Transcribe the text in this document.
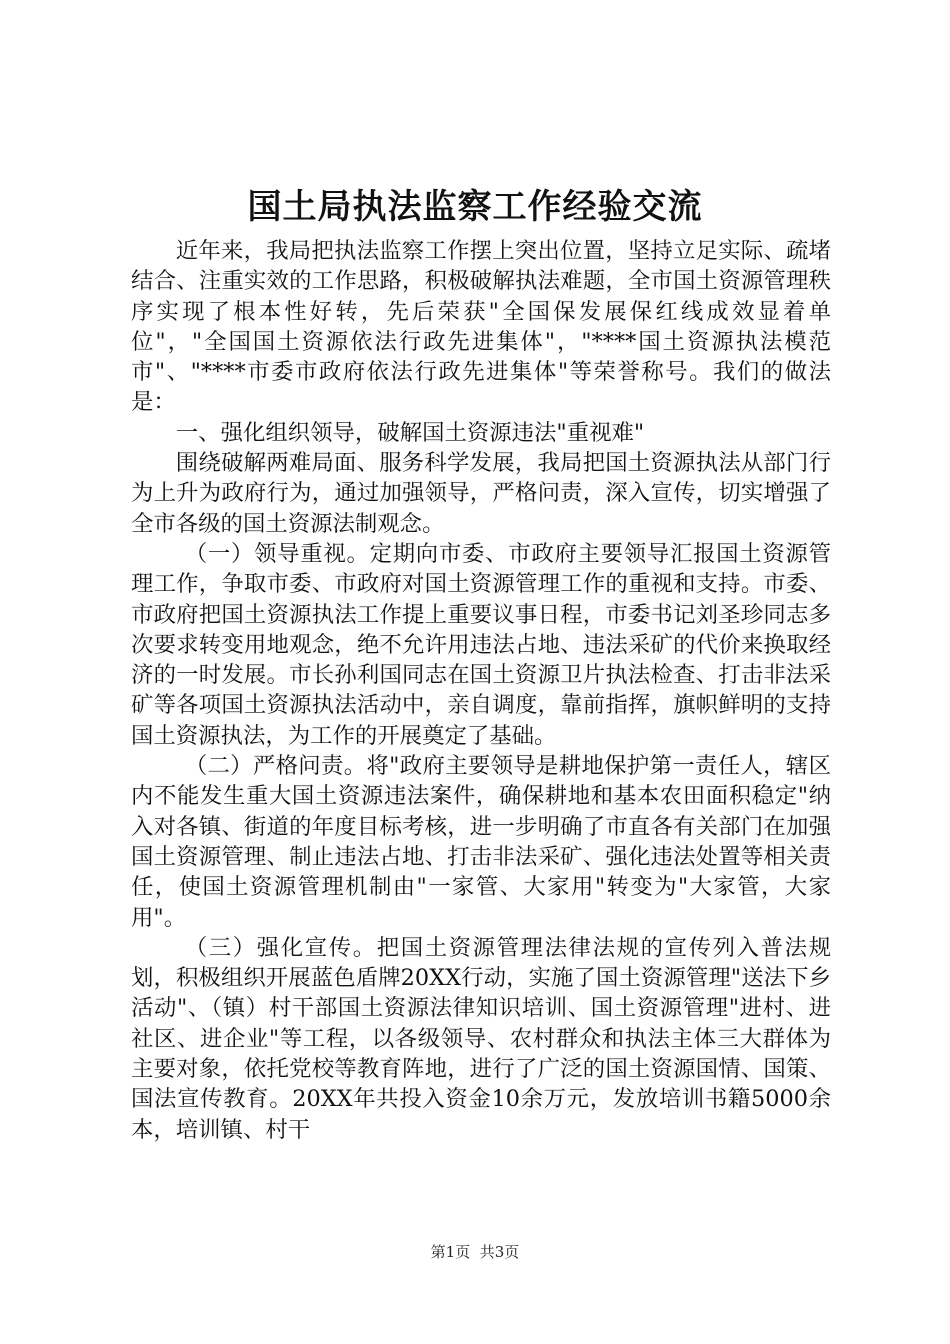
国土局执法监察工作经验交流

近年来，我局把执法监察工作摆上突出位置，坚持立足实际、疏堵结合、注重实效的工作思路，积极破解执法难题，全市国土资源管理秩序实现了根本性好转，先后荣获"全国保发展保红线成效显着单位"，"全国国土资源依法行政先进集体"，"****国土资源执法模范市"、"****市委市政府依法行政先进集体"等荣誉称号。我们的做法是：

一、强化组织领导，破解国土资源违法"重视难"

围绕破解两难局面、服务科学发展，我局把国土资源执法从部门行为上升为政府行为，通过加强领导，严格问责，深入宣传，切实增强了全市各级的国土资源法制观念。

（一）领导重视。定期向市委、市政府主要领导汇报国土资源管理工作，争取市委、市政府对国土资源管理工作的重视和支持。市委、市政府把国土资源执法工作提上重要议事日程，市委书记刘圣珍同志多次要求转变用地观念，绝不允许用违法占地、违法采矿的代价来换取经济的一时发展。市长孙利国同志在国土资源卫片执法检查、打击非法采矿等各项国土资源执法活动中，亲自调度，靠前指挥，旗帜鲜明的支持国土资源执法，为工作的开展奠定了基础。

（二）严格问责。将"政府主要领导是耕地保护第一责任人，辖区内不能发生重大国土资源违法案件，确保耕地和基本农田面积稳定"纳入对各镇、街道的年度目标考核，进一步明确了市直各有关部门在加强国土资源管理、制止违法占地、打击非法采矿、强化违法处置等相关责任，使国土资源管理机制由"一家管、大家用"转变为"大家管，大家用"。

（三）强化宣传。把国土资源管理法律法规的宣传列入普法规划，积极组织开展蓝色盾牌20XX行动，实施了国土资源管理"送法下乡活动"、（镇）村干部国土资源法律知识培训、国土资源管理"进村、进社区、进企业"等工程，以各级领导、农村群众和执法主体三大群体为主要对象，依托党校等教育阵地，进行了广泛的国土资源国情、国策、国法宣传教育。20XX年共投入资金10余万元，发放培训书籍5000余本，培训镇、村干

第1页 共3页
